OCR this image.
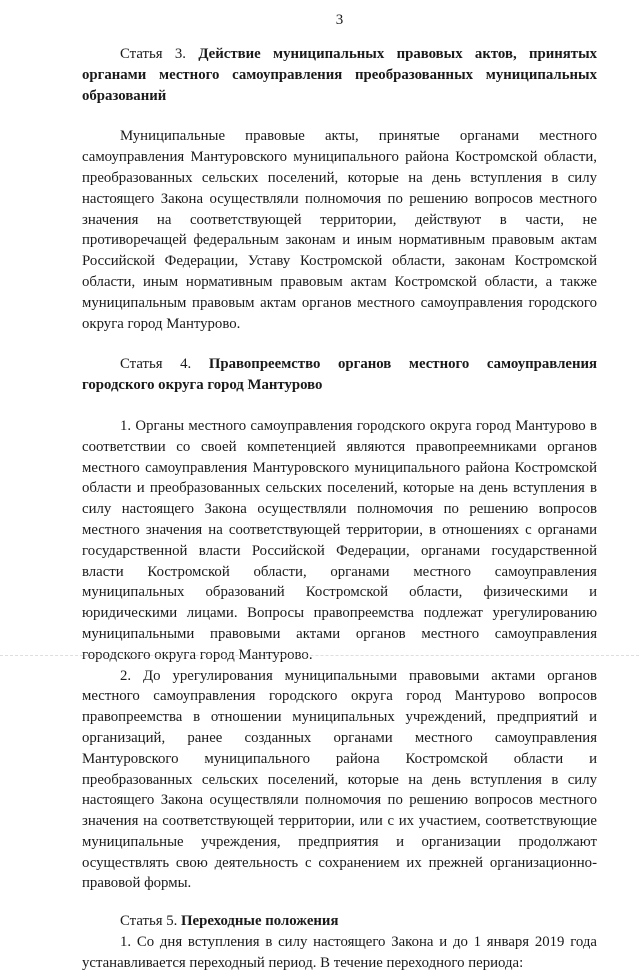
3

Статья 3. Действие муниципальных правовых актов, принятых органами местного самоуправления преобразованных муниципальных образований

Муниципальные правовые акты, принятые органами местного самоуправления Мантуровского муниципального района Костромской области, преобразованных сельских поселений, которые на день вступления в силу настоящего Закона осуществляли полномочия по решению вопросов местного значения на соответствующей территории, действуют в части, не противоречащей федеральным законам и иным нормативным правовым актам Российской Федерации, Уставу Костромской области, законам Костромской области, иным нормативным правовым актам Костромской области, а также муниципальным правовым актам органов местного самоуправления городского округа город Мантурово.

Статья 4. Правопреемство органов местного самоуправления городского округа город Мантурово

1. Органы местного самоуправления городского округа город Мантурово в соответствии со своей компетенцией являются правопреемниками органов местного самоуправления Мантуровского муниципального района Костромской области и преобразованных сельских поселений, которые на день вступления в силу настоящего Закона осуществляли полномочия по решению вопросов местного значения на соответствующей территории, в отношениях с органами государственной власти Российской Федерации, органами государственной власти Костромской области, органами местного самоуправления муниципальных образований Костромской области, физическими и юридическими лицами. Вопросы правопреемства подлежат урегулированию муниципальными правовыми актами органов местного самоуправления городского округа город Мантурово.

2. До урегулирования муниципальными правовыми актами органов местного самоуправления городского округа город Мантурово вопросов правопреемства в отношении муниципальных учреждений, предприятий и организаций, ранее созданных органами местного самоуправления Мантуровского муниципального района Костромской области и преобразованных сельских поселений, которые на день вступления в силу настоящего Закона осуществляли полномочия по решению вопросов местного значения на соответствующей территории, или с их участием, соответствующие муниципальные учреждения, предприятия и организации продолжают осуществлять свою деятельность с сохранением их прежней организационно-правовой формы.

Статья 5. Переходные положения

1. Со дня вступления в силу настоящего Закона и до 1 января 2019 года устанавливается переходный период. В течение переходного периода:
